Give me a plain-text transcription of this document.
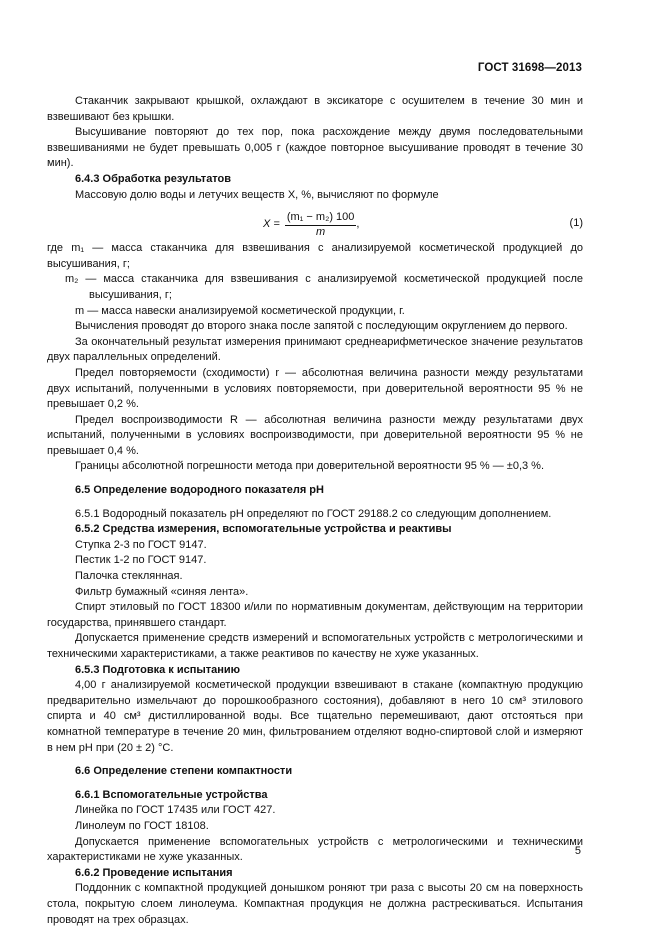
ГОСТ 31698—2013

Стаканчик закрывают крышкой, охлаждают в эксикаторе с осушителем в течение 30 мин и взвешивают без крышки.

Высушивание повторяют до тех пор, пока расхождение между двумя последовательными взвешиваниями не будет превышать 0,005 г (каждое повторное высушивание проводят в течение 30 мин).

6.4.3 Обработка результатов

Массовую долю воды и летучих веществ X, %, вычисляют по формуле

$X = \frac{\text{(m₁ − m₂) 100}}{m}$ ,	(1)

где m₁ — масса стаканчика для взвешивания с анализируемой косметической продукцией до высушивания, г;

m₂ — масса стаканчика для взвешивания с анализируемой косметической продукцией после высушивания, г;

m — масса навески анализируемой косметической продукции, г.

Вычисления проводят до второго знака после запятой с последующим округлением до первого.

За окончательный результат измерения принимают среднеарифметическое значение результатов двух параллельных определений.

Предел повторяемости (сходимости) r — абсолютная величина разности между результатами двух испытаний, полученными в условиях повторяемости, при доверительной вероятности 95 % не превышает 0,2 %.

Предел воспроизводимости R — абсолютная величина разности между результатами двух испытаний, полученными в условиях воспроизводимости, при доверительной вероятности 95 % не превышает 0,4 %.

Границы абсолютной погрешности метода при доверительной вероятности 95 % — ±0,3 %.

6.5 Определение водородного показателя pH

6.5.1 Водородный показатель pH определяют по ГОСТ 29188.2 со следующим дополнением.

6.5.2 Средства измерения, вспомогательные устройства и реактивы

Ступка 2-3 по ГОСТ 9147.

Пестик 1-2 по ГОСТ 9147.

Палочка стеклянная.

Фильтр бумажный «синяя лента».

Спирт этиловый по ГОСТ 18300 и/или по нормативным документам, действующим на территории государства, принявшего стандарт.

Допускается применение средств измерений и вспомогательных устройств с метрологическими и техническими характеристиками, а также реактивов по качеству не хуже указанных.

6.5.3 Подготовка к испытанию

4,00 г анализируемой косметической продукции взвешивают в стакане (компактную продукцию предварительно измельчают до порошкообразного состояния), добавляют в него 10 см³ этилового спирта и 40 см³ дистиллированной воды. Все тщательно перемешивают, дают отстояться при комнатной температуре в течение 20 мин, фильтрованием отделяют водно-спиртовой слой и измеряют в нем pH при (20 ± 2) °C.

6.6 Определение степени компактности

6.6.1 Вспомогательные устройства

Линейка по ГОСТ 17435 или ГОСТ 427.

Линолеум по ГОСТ 18108.

Допускается применение вспомогательных устройств с метрологическими и техническими характеристиками не хуже указанных.

6.6.2 Проведение испытания

Поддонник с компактной продукцией донышком роняют три раза с высоты 20 см на поверхность стола, покрытую слоем линолеума. Компактная продукция не должна растрескиваться. Испытания проводят на трех образцах.

5
